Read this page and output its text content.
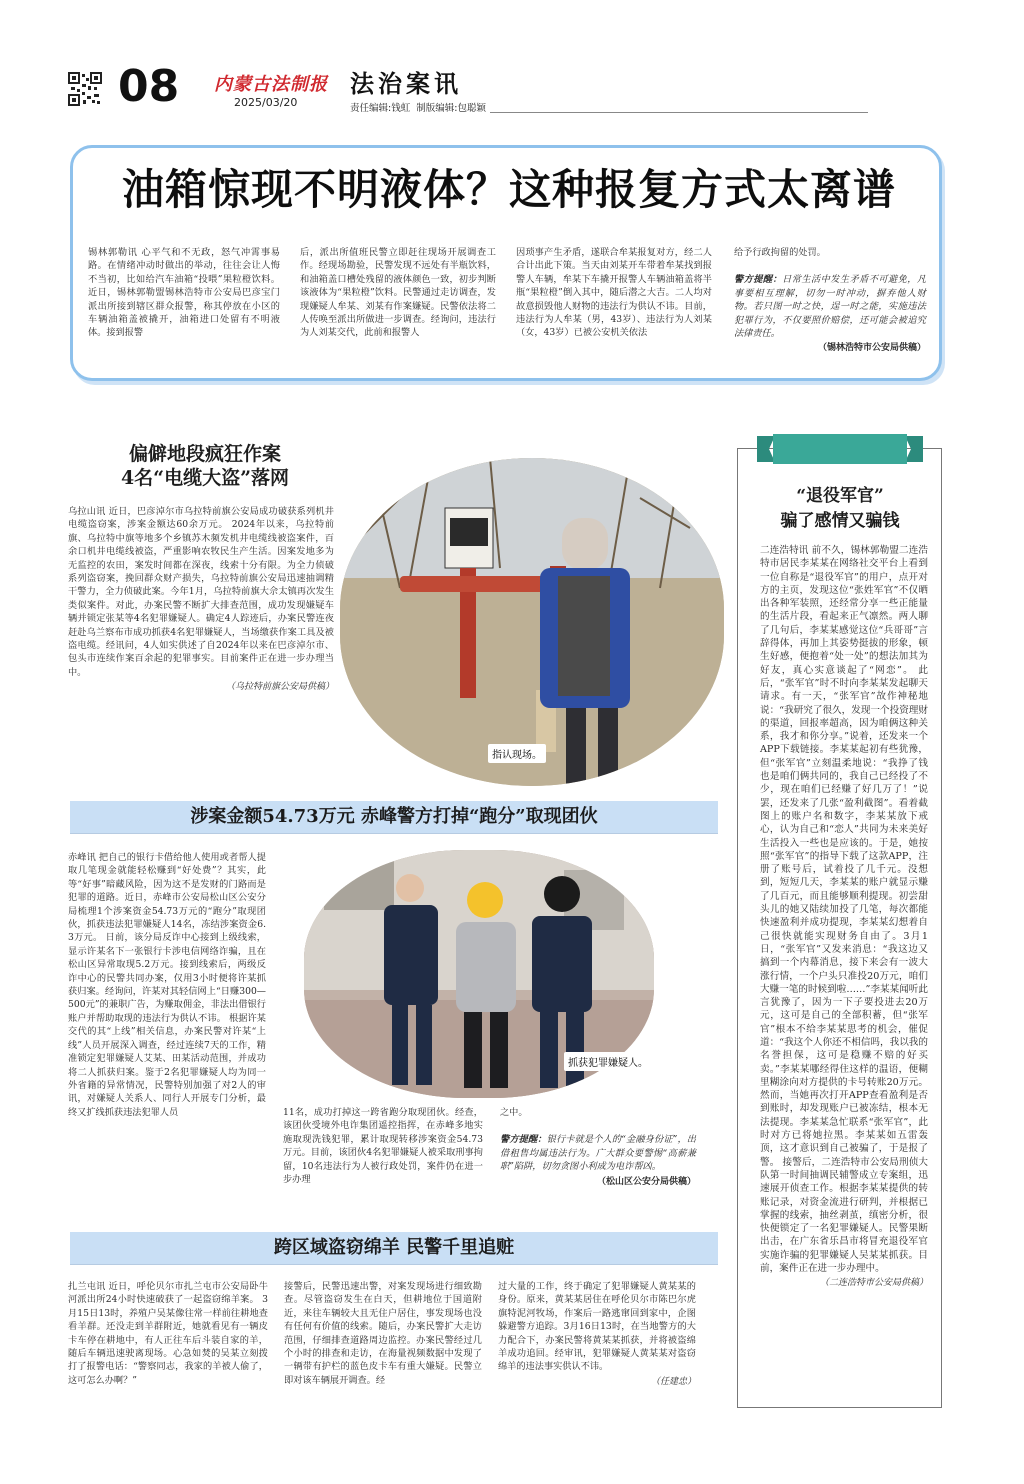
08 内蒙古法制报
2025/03/20
法治案讯
责任编辑:钱虹  制版编辑:包聪颖
油箱惊现不明液体？这种报复方式太离谱

锡林郭勒讯 心平气和不无政，怒气冲霄事易路。在情绪冲动时做出的举动，往往会让人悔不当初，比如给汽车油箱“投喂”果粒橙饮料。 近日，锡林郭勒盟锡林浩特市公安局巴彦宝门派出所接到辖区群众报警，称其停放在小区的车辆油箱盖被撬开，油箱进口处留有不明液体。接到报警

后，派出所值班民警立即赶往现场开展调查工作。经现场勘验，民警发现不远处有半瓶饮料，和油箱盖口槽处残留的液体颜色一致，初步判断该液体为“果粒橙”饮料。民警通过走访调查，发现嫌疑人牟某、刘某有作案嫌疑。民警依法将二人传唤至派出所做进一步调查。经询问，违法行为人刘某交代，此前和报警人

因琐事产生矛盾，遂联合牟某报复对方，经二人合计出此下策。当天由刘某开车带着牟某找到报警人车辆，牟某下车撬开报警人车辆油箱盖将半瓶“果粒橙”倒入其中，随后潜之大吉。二人均对故意损毁他人财物的违法行为供认不讳。目前，违法行为人牟某（男，43岁）、违法行为人刘某（女，43岁）已被公安机关依法

给予行政拘留的处罚。

警方提醒：日常生活中发生矛盾不可避免，凡事要相互理解，切勿一时冲动，摒弃他人财物。若只图一时之快，逞一时之能，实施违法犯罪行为，不仅要照价赔偿，还可能会被追究法律责任。

（锡林浩特市公安局供稿）
偏僻地段疯狂作案
4名“电缆大盗”落网

乌拉山讯 近日，巴彦淖尔市乌拉特前旗公安局成功破获系列机井电缆盗窃案，涉案金额达60余万元。 2024年以来，乌拉特前旗、乌拉特中旗等地多个乡镇苏木频发机井电缆线被盗案件，百余口机井电缆线被盗，严重影响农牧民生产生活。因案发地多为无监控的农田，案发时间都在深夜，线索十分有限。为全力侦破系列盗窃案，挽回群众财产损失，乌拉特前旗公安局迅速抽调精干警力，全力侦破此案。今年1月，乌拉特前旗大佘太镇再次发生类似案件。对此，办案民警不断扩大排查范围，成功发现嫌疑车辆并锁定张某等4名犯罪嫌疑人。确定4人踪迹后，办案民警连夜赶赴乌兰察布市成功抓获4名犯罪嫌疑人，当场缴获作案工具及被盗电缆。经讯问，4人如实供述了自2024年以来在巴彦淖尔市、包头市连续作案百余起的犯罪事实。目前案件正在进一步办理当中。

（乌拉特前旗公安局供稿）
指认现场。
“退役军官”
骗了感情又骗钱

二连浩特讯 前不久，锡林郭勒盟二连浩特市居民李某某在网络社交平台上看到一位自称是“退役军官”的用户，点开对方的主页，发现这位“张姓军官”不仅晒出各种军装照，还经常分享一些正能量的生活片段，看起来正气凛然。两人聊了几句后，李某某感觉这位“兵哥哥”言辞得体，再加上其姿势挺拔的形象，顿生好感，便抱着“处一处”的想法加其为好友，真心实意谈起了“网恋”。 此后，“张军官”时不时向李某某发起聊天请求。有一天，“张军官”故作神秘地说：“我研究了很久，发现一个投资理财的渠道，回报率超高，因为咱俩这种关系，我才和你分享。”说着，还发来一个APP下载链接。李某某起初有些犹豫，但“张军官”立刻温柔地说：“我挣了钱也是咱们俩共同的，我自己已经投了不少，现在咱们已经赚了好几万了！”说罢，还发来了几张“盈利截图”。看着截图上的账户名和数字，李某某放下戒心，认为自己和“恋人”共同为未来美好生活投入一些也是应该的。于是，她按照“张军官”的指导下载了这款APP，注册了账号后，试着投了几千元。没想到，短短几天，李某某的账户就显示赚了几百元，而且能够顺利提现。初尝甜头儿的她又陆续加投了几笔，每次都能快速盈利并成功提现，李某某幻想着自己很快就能实现财务自由了。3月1日，“张军官”又发来消息：“我这边又搞到一个内幕消息，接下来会有一波大涨行情，一个户头只准投20万元，咱们大赚一笔的时候到啦……”李某某闻听此言犹豫了，因为一下子要投进去20万元，这可是自己的全部积蓄，但“张军官”根本不给李某某思考的机会，催促道：“我这个人你还不相信吗，我以我的名誉担保，这可是稳赚不赔的好买卖。”李某某哪经得住这样的温语，便糊里糊涂向对方提供的卡号转账20万元。然而，当她再次打开APP查看盈利是否到账时，却发现账户已被冻结，根本无法提现。李某某急忙联系“张军官”，此时对方已将她拉黑。李某某如五雷轰顶，这才意识到自己被骗了，于是报了警。 接警后，二连浩特市公安局刑侦大队第一时间抽调民辅警成立专案组，迅速展开侦查工作。根据李某某提供的转账记录，对资金流进行研判，并根据已掌握的线索，抽丝剥茧，缜密分析，很快便锁定了一名犯罪嫌疑人。民警果断出击，在广东省乐昌市将冒充退役军官实施诈骗的犯罪嫌疑人吴某某抓获。目前，案件正在进一步办理中。

（二连浩特市公安局供稿）
涉案金额54.73万元 赤峰警方打掉“跑分”取现团伙

赤峰讯 把自己的银行卡借给他人使用或者帮人提取几笔现金就能轻松赚到“好处费”？其实，此等“好事”暗藏风险，因为这不是发财的门路而是犯罪的道路。近日，赤峰市公安局松山区公安分局梳理1个涉案资金54.73万元的“跑分”取现团伙，抓获违法犯罪嫌疑人14名，冻结涉案资金6.3万元。 日前，该分局反诈中心接到上级线索，显示许某名下一张银行卡涉电信网络诈骗，且在松山区异常取现5.2万元。接到线索后，两级反诈中心的民警共同办案，仅用3小时便将许某抓获归案。经询问，许某对其轻信网上“日赚300—500元”的兼职广告，为赚取佣金，非法出借银行账户并帮助取现的违法行为供认不讳。 根据许某交代的其“上线”相关信息，办案民警对许某“上线”人员开展深入调查，经过连续7天的工作，精准锁定犯罪嫌疑人艾某、田某活动范围，并成功将二人抓获归案。鉴于2名犯罪嫌疑人均为同一外省籍的异常情况，民警特别加强了对2人的审讯，对嫌疑人关系人、同行人开展专门分析，最终又扩线抓获违法犯罪人员

抓获犯罪嫌疑人。

11名，成功打掉这一跨省跑分取现团伙。经查，该团伙受境外电诈集团遥控指挥，在赤峰多地实施取现洗钱犯罪，累计取现转移涉案资金54.73万元。目前，该团伙4名犯罪嫌疑人被采取刑事拘留，10名违法行为人被行政处罚，案件仍在进一步办理

之中。

警方提醒：银行卡就是个人的“金融身份证”，出借租售均属违法行为。广大群众要警惕“高薪兼职”陷阱，切勿贪图小利成为电诈帮凶。

（松山区公安分局供稿）
跨区域盗窃绵羊 民警千里追赃

扎兰屯讯 近日，呼伦贝尔市扎兰屯市公安局卧牛河派出所24小时快速破获了一起盗窃绵羊案。 3月15日13时，养殖户吴某像往常一样前往耕地查看羊群。还没走到羊群附近，她就看见有一辆皮卡车停在耕地中，有人正往车后斗装自家的羊，随后车辆迅速驶离现场。心急如焚的吴某立刻拨打了报警电话：“警察同志，我家的羊被人偷了，这可怎么办啊？”

接警后，民警迅速出警，对案发现场进行细致勘查。尽管盗窃发生在白天，但耕地位于国道附近，来往车辆较大且无住户居住，事发现场也没有任何有价值的线索。随后，办案民警扩大走访范围，仔细排查道路周边监控。办案民警经过几个小时的排查和走访，在海量视频数据中发现了一辆带有护栏的蓝色皮卡车有重大嫌疑。民警立即对该车辆展开调查。经

过大量的工作，终于确定了犯罪嫌疑人黄某某的身份。原来，黄某某居住在呼伦贝尔市陈巴尔虎旗特泥河牧场，作案后一路逃窜回到家中，企图躲避警方追踪。3月16日13时，在当地警方的大力配合下，办案民警将黄某某抓获，并将被盗绵羊成功追回。经审讯，犯罪嫌疑人黄某某对盗窃绵羊的违法事实供认不讳。

（任建忠）
